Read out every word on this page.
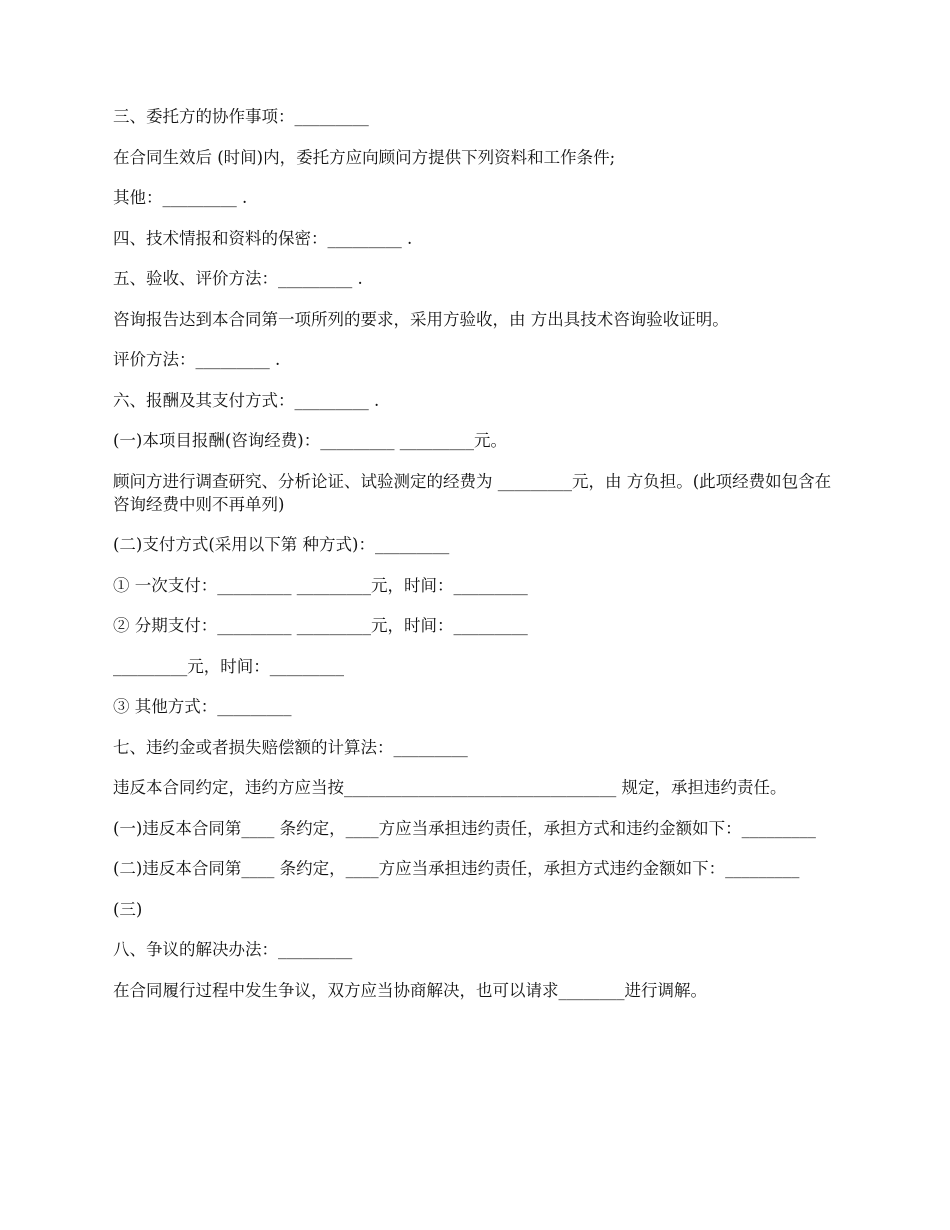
三、委托方的协作事项：_________

在合同生效后 (时间)内，委托方应向顾问方提供下列资料和工作条件;

其他：_________ .

四、技术情报和资料的保密：_________ .

五、验收、评价方法：_________ .

咨询报告达到本合同第一项所列的要求，采用方验收，由 方出具技术咨询验收证明。

评价方法：_________ .

六、报酬及其支付方式：_________ .

(一)本项目报酬(咨询经费)：_________ _________元。

顾问方进行调查研究、分析论证、试验测定的经费为 _________元，由 方负担。(此项经费如包含在咨询经费中则不再单列)

(二)支付方式(采用以下第 种方式)：_________

① 一次支付：_________ _________元，时间：_________

② 分期支付：_________ _________元，时间：_________

_________元，时间：_________

③ 其他方式：_________

七、违约金或者损失赔偿额的计算法：_________

违反本合同约定，违约方应当按_________________________________ 规定，承担违约责任。

(一)违反本合同第____ 条约定，____方应当承担违约责任，承担方式和违约金额如下：_________

(二)违反本合同第____ 条约定，____方应当承担违约责任，承担方式违约金额如下：_________

(三)

八、争议的解决办法：_________

在合同履行过程中发生争议，双方应当协商解决，也可以请求________进行调解。
